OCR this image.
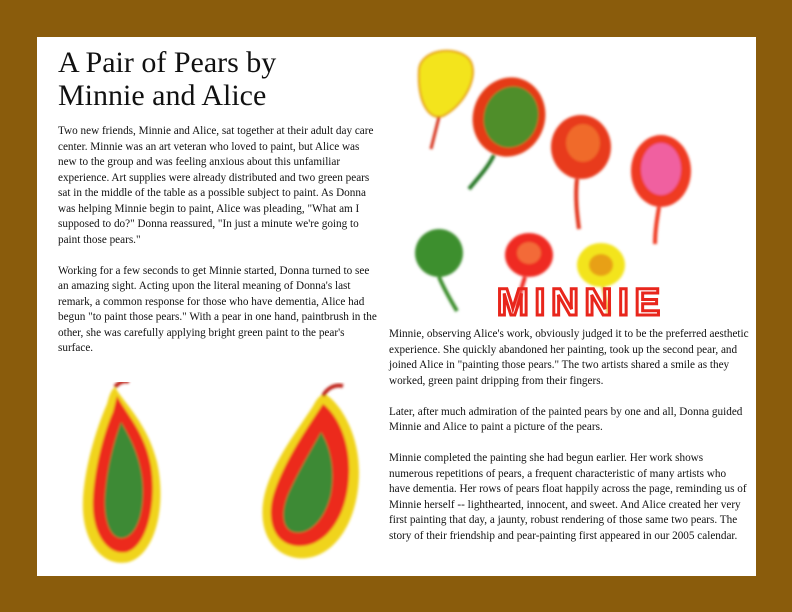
A Pair of Pears by
Minnie and Alice

Two new friends, Minnie and Alice, sat together at their adult day care center. Minnie was an art veteran who loved to paint, but Alice was new to the group and was feeling anxious about this unfamiliar experience. Art supplies were already distributed and two green pears sat in the middle of the table as a possible subject to paint. As Donna was helping Minnie begin to paint, Alice was pleading, "What am I supposed to do?" Donna reassured, "In just a minute we're going to paint those pears."

Working for a few seconds to get Minnie started, Donna turned to see an amazing sight. Acting upon the literal meaning of Donna's last remark, a common response for those who have dementia, Alice had begun "to paint those pears." With a pear in one hand, paintbrush in the other, she was carefully applying bright green paint to the pear's surface.

MINNIE

Minnie, observing Alice's work, obviously judged it to be the preferred aesthetic experience. She quickly abandoned her painting, took up the second pear, and joined Alice in "painting those pears." The two artists shared a smile as they worked, green paint dripping from their fingers.

Later, after much admiration of the painted pears by one and all, Donna guided Minnie and Alice to paint a picture of the pears.

Minnie completed the painting she had begun earlier. Her work shows numerous repetitions of pears, a frequent characteristic of many artists who have dementia. Her rows of pears float happily across the page, reminding us of Minnie herself -- lighthearted, innocent, and sweet. And Alice created her very first painting that day, a jaunty, robust rendering of those same two pears. The story of their friendship and pear-painting first appeared in our 2005 calendar.
